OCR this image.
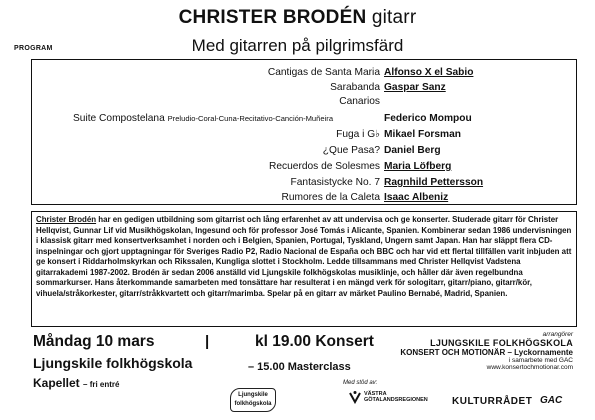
CHRISTER BRODÉN gitarr
Med gitarren på pilgrimsfärd
PROGRAM
Cantigas de Santa Maria Alfonso X el Sabio
Sarabanda Gaspar Sanz
Canarios
Suite Compostelana Preludio-Coral-Cuna-Recitativo-Canción-Muñeira	Federico Mompou
Fuga i G♭ Mikael Forsman
¿Que Pasa? Daniel Berg
Recuerdos de Solesmes Maria Löfberg
Fantasistycke No. 7 Ragnhild Pettersson
Rumores de la Caleta Isaac Albeniz
Christer Brodén har en gedigen utbildning som gitarrist och lång erfarenhet av att undervisa och ge konserter. Studerade gitarr för Christer Hellqvist, Gunnar Lif vid Musikhögskolan, Ingesund och för professor José Tomás i Alicante, Spanien. Kombinerar sedan 1986 undervisningen i klassisk gitarr med konsertverksamhet i norden och i Belgien, Spanien, Portugal, Tyskland, Ungern samt Japan. Han har släppt flera CD-inspelningar och gjort upptagningar för Sveriges Radio P2, Radio Nacional de España och BBC och har vid ett flertal tillfällen varit inbjuden att ge konsert i Riddarholmskyrkan och Rikssalen, Kungliga slottet i Stockholm. Ledde tillsammans med Christer Hellqvist Vadstena gitarrakademi 1987-2002. Brodén är sedan 2006 anställd vid Ljungskile folkhögskolas musiklinje, och håller där även regelbundna sommarkurser. Hans återkommande samarbeten med tonsättare har resulterat i en mängd verk för sologitarr, gitarr/piano, gitarr/kör, vihuela/stråkorkester, gitarr/stråkkvartett och gitarr/marimba. Spelar på en gitarr av märket Paulino Bernabé, Madrid, Spanien.
Måndag 10 mars	|	kl 19.00 Konsert
Ljungskile folkhögskola	– 15.00 Masterclass
Kapellet – fri entré
arrangörer
LJUNGSKILE FOLKHÖGSKOLA
KONSERT OCH MOTIONÄR – Lyckornamente
i samarbete med GAC
www.konsertochmotionar.com
Ljungskile
folkhögskola
Med stöd av:
VÄSTRA
GÖTALANDSREGIONEN KULTURRÅDET GAC
